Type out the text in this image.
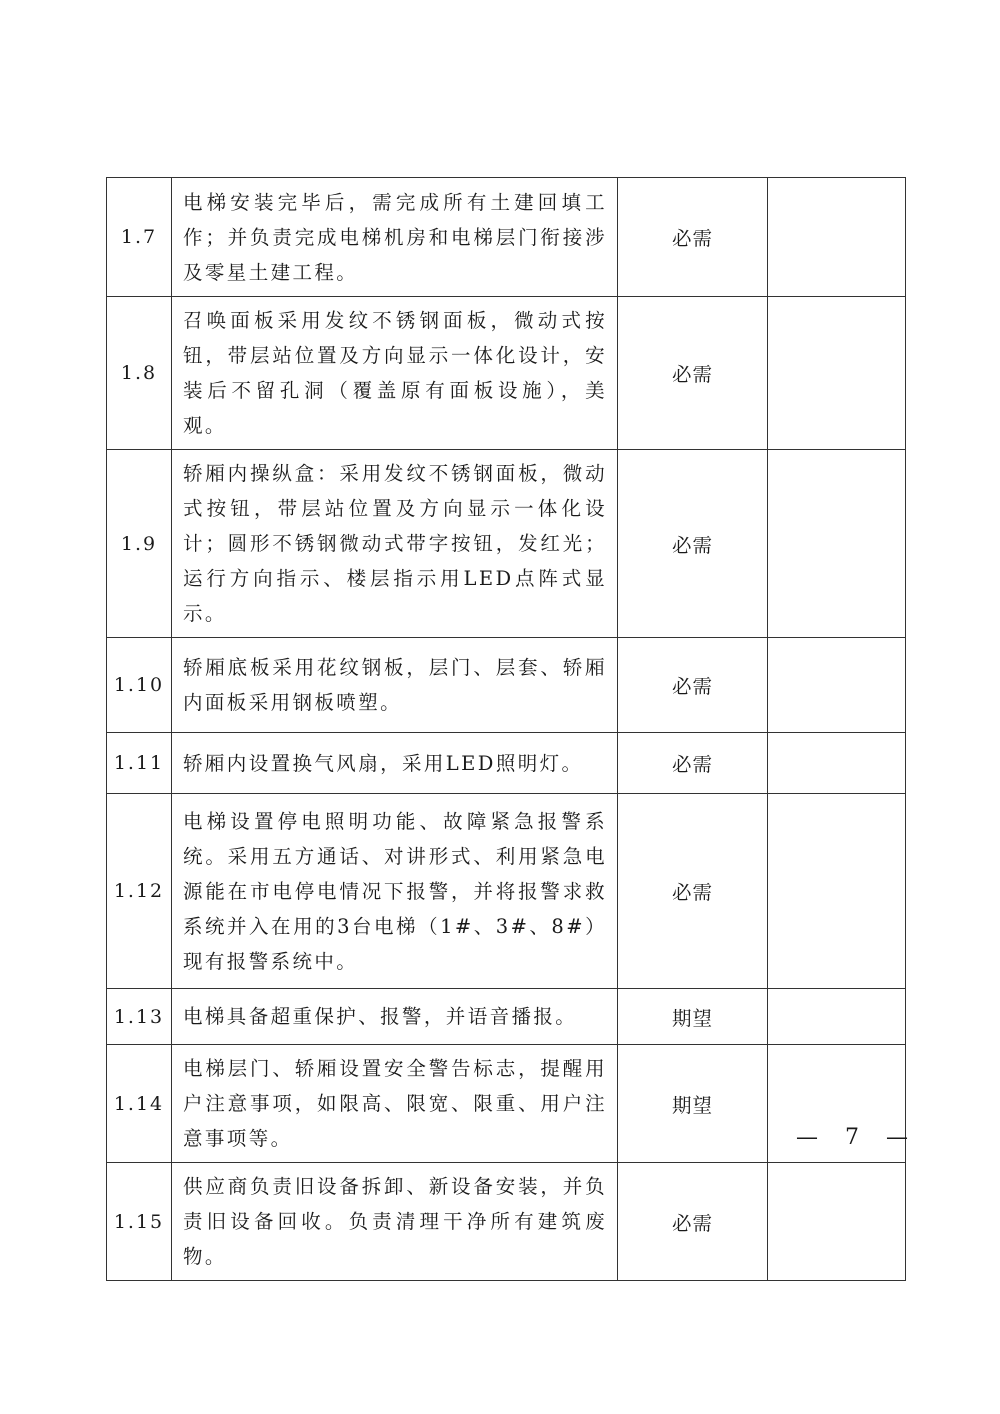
1.7	电梯安装完毕后，需完成所有土建回填工作；并负责完成电梯机房和电梯层门衔接涉及零星土建工程。	必需	
1.8	召唤面板采用发纹不锈钢面板，微动式按钮，带层站位置及方向显示一体化设计，安装后不留孔洞（覆盖原有面板设施），美观。	必需	
1.9	轿厢内操纵盒：采用发纹不锈钢面板，微动式按钮，带层站位置及方向显示一体化设计；圆形不锈钢微动式带字按钮，发红光；运行方向指示、楼层指示用LED点阵式显示。	必需	
1.10	轿厢底板采用花纹钢板，层门、层套、轿厢内面板采用钢板喷塑。	必需	
1.11	轿厢内设置换气风扇，采用LED照明灯。	必需	
1.12	电梯设置停电照明功能、故障紧急报警系统。采用五方通话、对讲形式、利用紧急电源能在市电停电情况下报警，并将报警求救系统并入在用的3台电梯（1#、3#、8#）现有报警系统中。	必需	
1.13	电梯具备超重保护、报警，并语音播报。	期望	
1.14	电梯层门、轿厢设置安全警告标志，提醒用户注意事项，如限高、限宽、限重、用户注意事项等。	期望	
1.15	供应商负责旧设备拆卸、新设备安装，并负责旧设备回收。负责清理干净所有建筑废物。	必需	
— 7 —
